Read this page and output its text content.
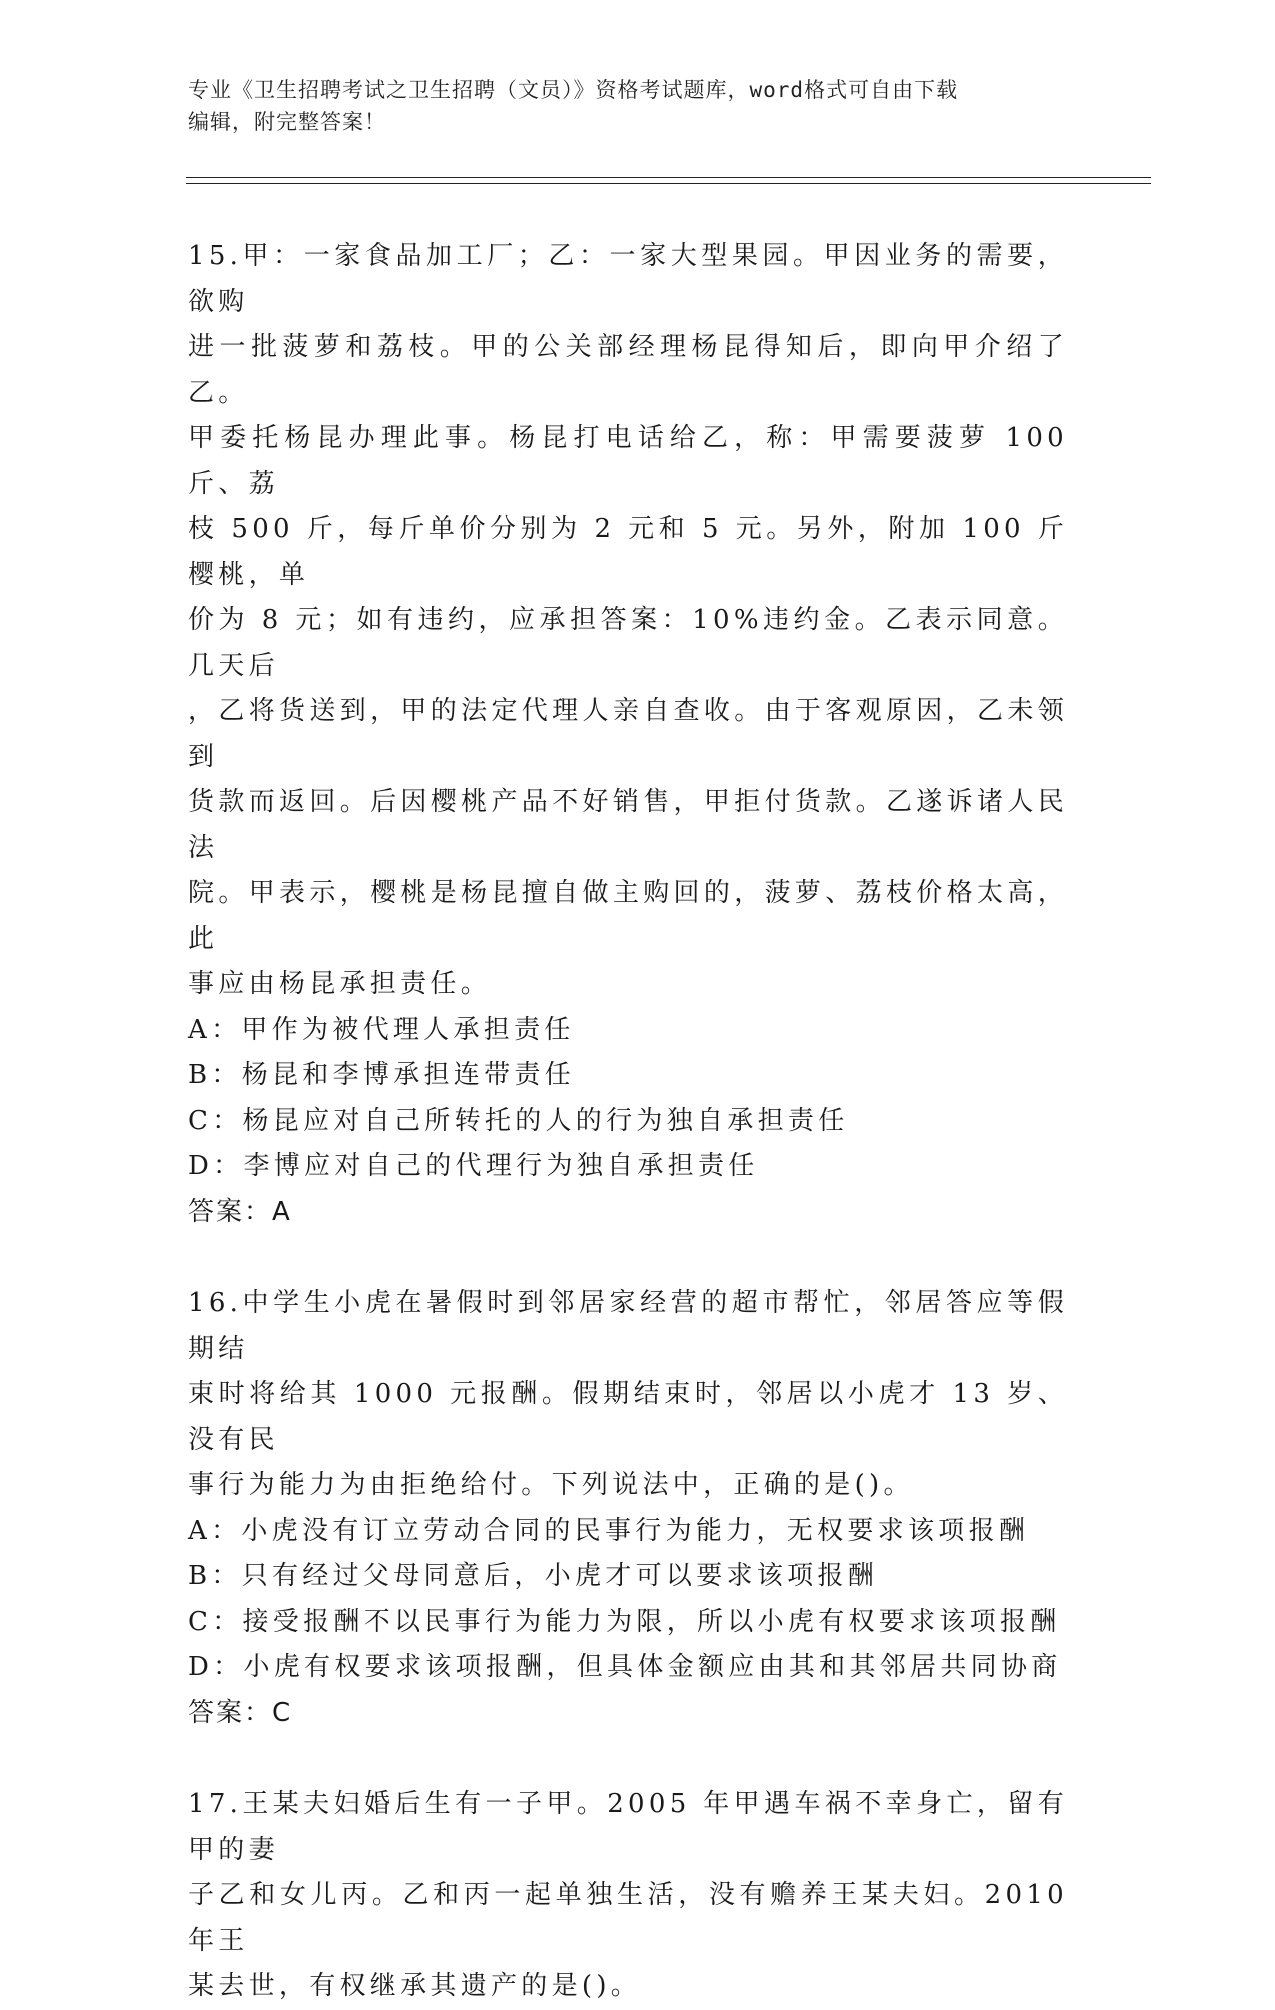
专业《卫生招聘考试之卫生招聘（文员）》资格考试题库，word格式可自由下载
编辑，附完整答案！
15.甲：一家食品加工厂；乙：一家大型果园。甲因业务的需要，欲购
进一批菠萝和荔枝。甲的公关部经理杨昆得知后，即向甲介绍了乙。
甲委托杨昆办理此事。杨昆打电话给乙，称：甲需要菠萝 100 斤、荔
枝 500 斤，每斤单价分别为 2 元和 5 元。另外，附加 100 斤樱桃，单
价为 8 元；如有违约，应承担答案：10%违约金。乙表示同意。几天后
，乙将货送到，甲的法定代理人亲自查收。由于客观原因，乙未领到
货款而返回。后因樱桃产品不好销售，甲拒付货款。乙遂诉诸人民法
院。甲表示，樱桃是杨昆擅自做主购回的，菠萝、荔枝价格太高，此
事应由杨昆承担责任。
A：甲作为被代理人承担责任
B：杨昆和李博承担连带责任
C：杨昆应对自己所转托的人的行为独自承担责任
D：李博应对自己的代理行为独自承担责任
答案：A
16.中学生小虎在暑假时到邻居家经营的超市帮忙，邻居答应等假期结
束时将给其 1000 元报酬。假期结束时，邻居以小虎才 13 岁、没有民
事行为能力为由拒绝给付。下列说法中，正确的是()。
A：小虎没有订立劳动合同的民事行为能力，无权要求该项报酬
B：只有经过父母同意后，小虎才可以要求该项报酬
C：接受报酬不以民事行为能力为限，所以小虎有权要求该项报酬
D：小虎有权要求该项报酬，但具体金额应由其和其邻居共同协商
答案：C
17.王某夫妇婚后生有一子甲。2005 年甲遇车祸不幸身亡，留有甲的妻
子乙和女儿丙。乙和丙一起单独生活，没有赡养王某夫妇。2010 年王
某去世，有权继承其遗产的是()。
